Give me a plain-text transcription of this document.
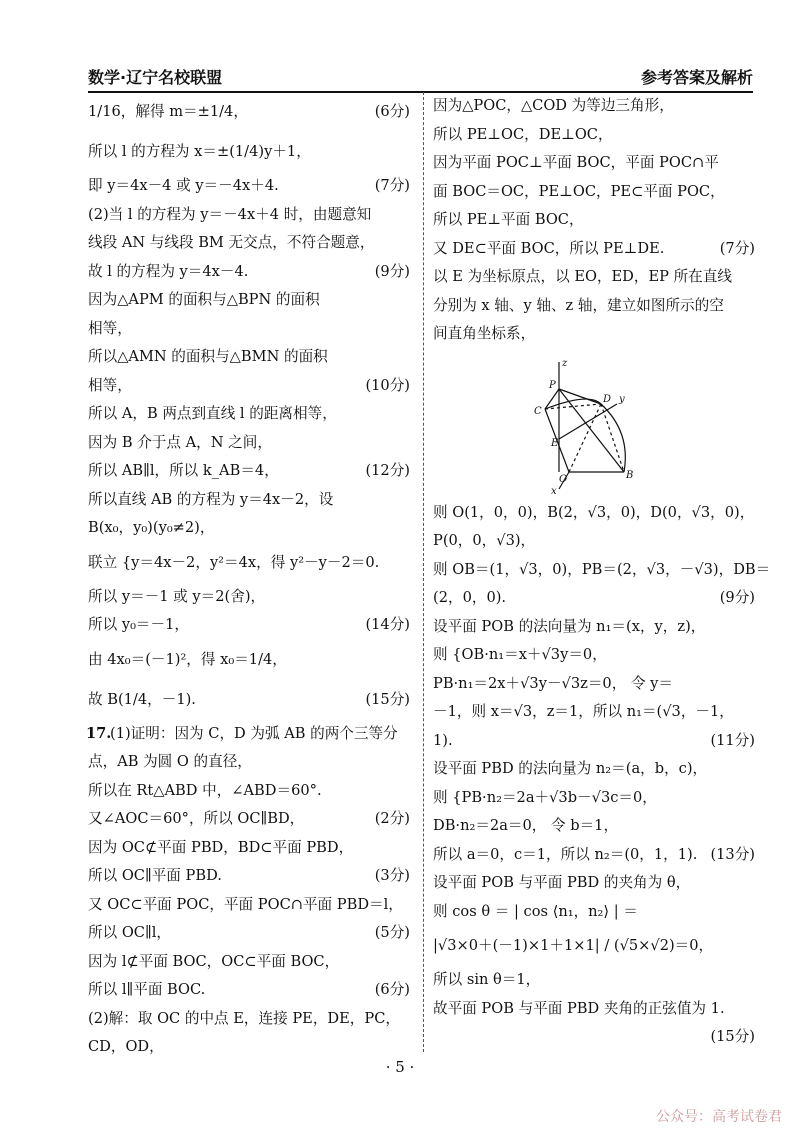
数学·辽宁名校联盟	参考答案及解析
1/16，解得 m＝±1/4，	(6分)
所以 l 的方程为 x＝±(1/4)y＋1，
即 y＝4x－4 或 y＝－4x＋4.	(7分)
(2)当 l 的方程为 y＝－4x＋4 时，由题意知
线段 AN 与线段 BM 无交点，不符合题意，
故 l 的方程为 y＝4x－4.	(9分)
因为△APM 的面积与△BPN 的面积
相等，
所以△AMN 的面积与△BMN 的面积
相等，	(10分)
所以 A，B 两点到直线 l 的距离相等，
因为 B 介于点 A，N 之间，
所以 AB∥l，所以 k_AB＝4，	(12分)
所以直线 AB 的方程为 y＝4x－2，设
B(x₀，y₀)(y₀≠2)，
联立 {y＝4x－2，y²＝4x，得 y²－y－2＝0.
所以 y＝－1 或 y＝2(舍)，
所以 y₀＝－1，	(14分)
由 4x₀＝(－1)²，得 x₀＝1/4，
故 B(1/4，－1).	(15分)
17.
(1)证明：因为 C，D 为弧 AB 的两个三等分
点，AB 为圆 O 的直径，
所以在 Rt△ABD 中，∠ABD＝60°.
又∠AOC＝60°，所以 OC∥BD，	(2分)
因为 OC⊄平面 PBD，BD⊂平面 PBD，
所以 OC∥平面 PBD.	(3分)
又 OC⊂平面 POC，平面 POC∩平面 PBD＝l，
所以 OC∥l，	(5分)
因为 l⊄平面 BOC，OC⊂平面 BOC，
所以 l∥平面 BOC.	(6分)
(2)解：取 OC 的中点 E，连接 PE，DE，PC，
CD，OD，
因为△POC，△COD 为等边三角形，
所以 PE⊥OC，DE⊥OC，
因为平面 POC⊥平面 BOC，平面 POC∩平
面 BOC＝OC，PE⊥OC，PE⊂平面 POC，
所以 PE⊥平面 BOC，
又 DE⊂平面 BOC，所以 PE⊥DE.	(7分)
以 E 为坐标原点，以 EO，ED，EP 所在直线
分别为 x 轴、y 轴、z 轴，建立如图所示的空
间直角坐标系，
z
P
C
D y
E
O	B
x
则 O(1，0，0)，B(2，√3，0)，D(0，√3，0)，
P(0，0，√3)，
则 OB＝(1，√3，0)，PB＝(2，√3，－√3)，DB＝
(2，0，0).	(9分)
设平面 POB 的法向量为 n₁＝(x，y，z)，
则 {OB·n₁＝x＋√3y＝0，
PB·n₁＝2x＋√3y－√3z＝0， 令 y＝
－1，则 x＝√3，z＝1，所以 n₁＝(√3，－1，
1).	(11分)
设平面 PBD 的法向量为 n₂＝(a，b，c)，
则 {PB·n₂＝2a＋√3b－√3c＝0，
DB·n₂＝2a＝0， 令 b＝1，
所以 a＝0，c＝1，所以 n₂＝(0，1，1). (13分)
设平面 POB 与平面 PBD 的夹角为 θ，
则 cos θ ＝ | cos ⟨n₁，n₂⟩ | ＝
|√3×0＋(－1)×1＋1×1| / (√5×√2)＝0，
所以 sin θ＝1，
故平面 POB 与平面 PBD 夹角的正弦值为 1.
(15分)
· 5 ·
公众号：高考试卷君
